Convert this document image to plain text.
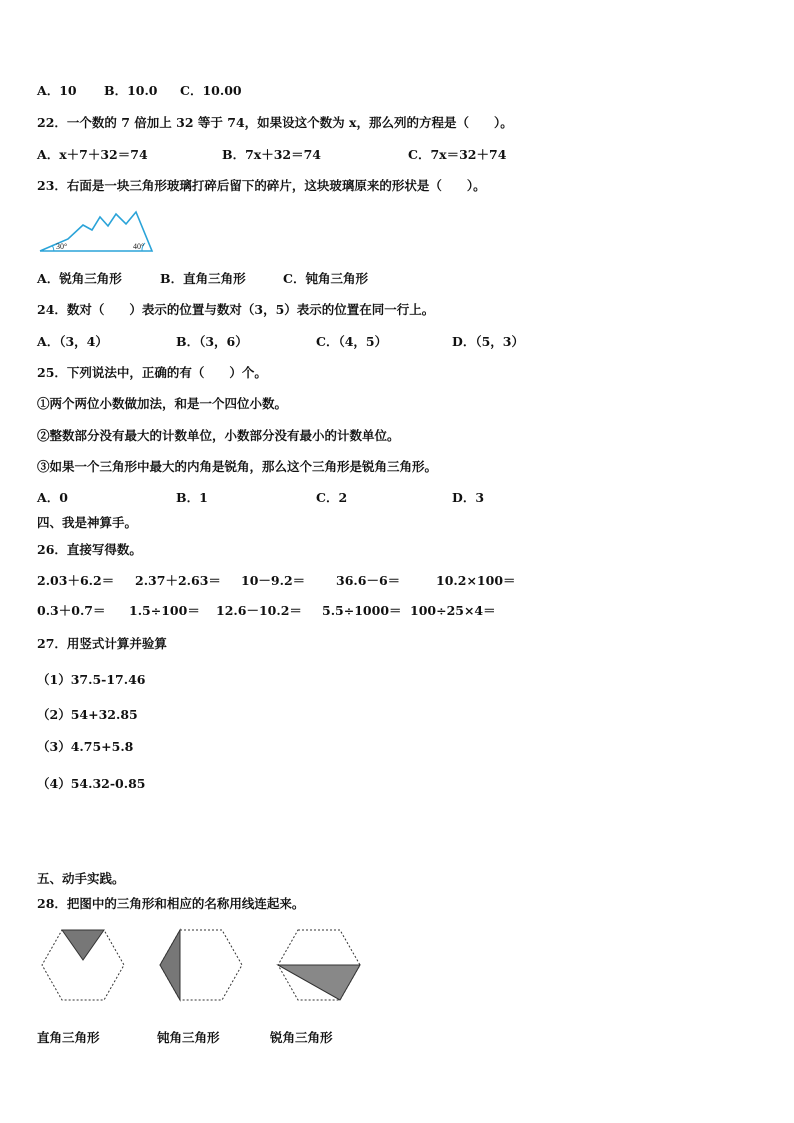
A．10 B．10.0 C．10.00
22．一个数的 7 倍加上 32 等于 74，如果设这个数为 x，那么列的方程是（　　）。
A．x＋7＋32＝74	B．7x＋32＝74	C．7x＝32＋74
23．右面是一块三角形玻璃打碎后留下的碎片，这块玻璃原来的形状是（　　）。
30°	40°
A．锐角三角形	B．直角三角形	C．钝角三角形
24．数对（　　）表示的位置与数对（3，5）表示的位置在同一行上。
A．（3，4）	B．（3，6）	C．（4，5）	D．（5，3）
25．下列说法中，正确的有（　　）个。
①两个两位小数做加法，和是一个四位小数。
②整数部分没有最大的计数单位，小数部分没有最小的计数单位。
③如果一个三角形中最大的内角是锐角，那么这个三角形是锐角三角形。
A．0	B．1	C．2	D．3
四、我是神算手。
26．直接写得数。
2.03＋6.2＝ 2.37＋2.63＝ 10－9.2＝ 36.6－6＝	10.2×100＝
0.3＋0.7＝ 1.5÷100＝ 12.6－10.2＝ 5.5÷1000＝ 100÷25×4＝
27．用竖式计算并验算
（1）37.5-17.46
（2）54+32.85
（3）4.75+5.8
（4）54.32-0.85
五、动手实践。
28．把图中的三角形和相应的名称用线连起来。
直角三角形	钝角三角形	锐角三角形
